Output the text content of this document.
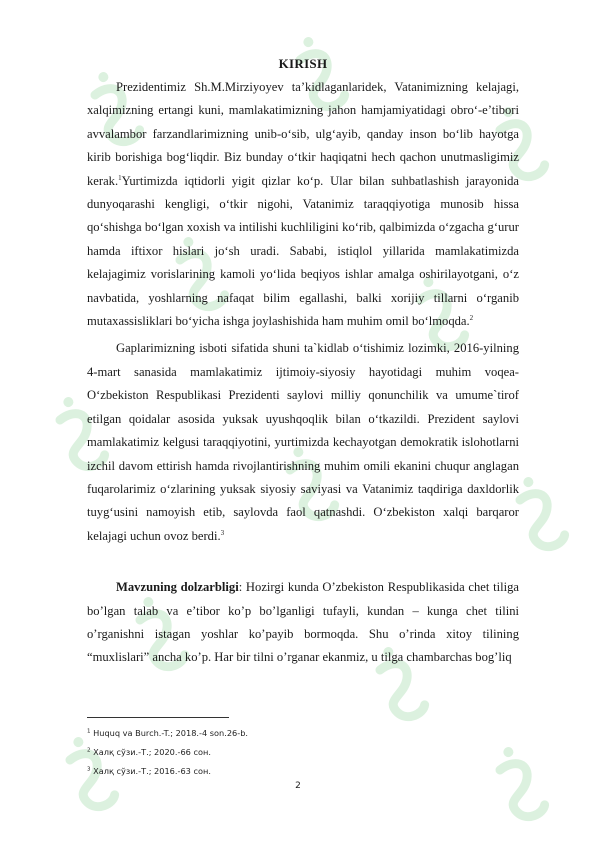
KIRISH

Prezidentimiz Sh.M.Mirziyoyev ta’kidlaganlaridek, Vatanimizning kelajagi, xalqimizning ertangi kuni, mamlakatimizning jahon hamjamiyatidagi obro‘-e’tibori avvalambor farzandlarimizning unib-o‘sib, ulg‘ayib, qanday inson bo‘lib hayotga kirib borishiga bog‘liqdir. Biz bunday o‘tkir haqiqatni hech qachon unutmasligimiz kerak.$^1$Yurtimizda iqtidorli yigit qizlar ko‘p. Ular bilan suhbatlashish jarayonida dunyoqarashi kengligi, o‘tkir nigohi, Vatanimiz taraqqiyotiga munosib hissa qo‘shishga bo‘lgan xoxish va intilishi kuchliligini ko‘rib, qalbimizda o‘zgacha g‘urur hamda iftixor hislari jo‘sh uradi. Sababi, istiqlol yillarida mamlakatimizda kelajagimiz vorislarining kamoli yo‘lida beqiyos ishlar amalga oshirilayotgani, o‘z navbatida, yoshlarning nafaqat bilim egallashi, balki xorijiy tillarni o‘rganib mutaxassisliklari bo‘yicha ishga joylashishida ham muhim omil bo‘lmoqda.$^2$

Gaplarimizning isboti sifatida shuni ta`kidlab o‘tishimiz lozimki, 2016-yilning 4-mart sanasida mamlakatimiz ijtimoiy-siyosiy hayotidagi muhim voqea- O‘zbekiston Respublikasi Prezidenti saylovi milliy qonunchilik va umume`tirof etilgan qoidalar asosida yuksak uyushqoqlik bilan o‘tkazildi. Prezident saylovi mamlakatimiz kelgusi taraqqiyotini, yurtimizda kechayotgan demokratik islohotlarni izchil davom ettirish hamda rivojlantirishning muhim omili ekanini chuqur anglagan fuqarolarimiz o‘zlarining yuksak siyosiy saviyasi va Vatanimiz taqdiriga daxldorlik tuyg‘usini namoyish etib, saylovda faol qatnashdi. O‘zbekiston xalqi barqaror kelajagi uchun ovoz berdi.$^3$

Mavzuning dolzarbligi: Hozirgi kunda O’zbekiston Respublikasida chet tiliga bo’lgan talab va e’tibor ko’p bo’lganligi tufayli, kundan – kunga chet tilini o’rganishni istagan yoshlar ko’payib bormoqda. Shu o’rinda xitoy tilining “muxlislari” ancha ko’p. Har bir tilni o’rganar ekanmiz, u tilga chambarchas bog’liq

$^1$ Huquq va Burch.-T.; 2018.-4 son.26-b.
$^2$ Халқ сўзи.-Т.; 2020.-66 сон.
$^3$ Халқ сўзи.-Т.; 2016.-63 сон.
2
